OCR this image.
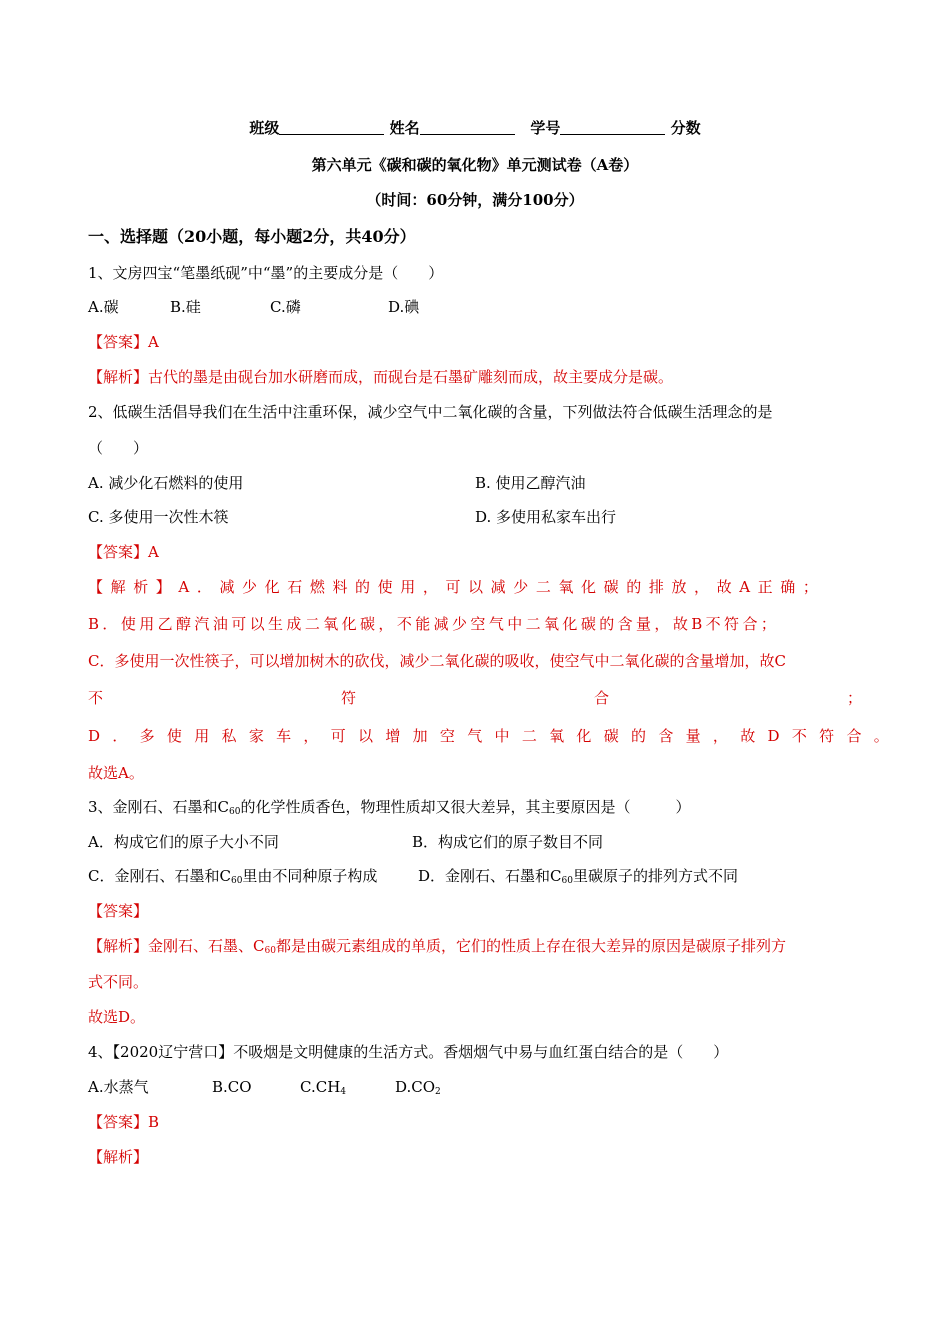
班级	姓名	学号	分数
第六单元《碳和碳的氧化物》单元测试卷（A卷）
（时间：60分钟，满分100分）
一、选择题（20小题，每小题2分，共40分）
1、文房四宝“笔墨纸砚”中“墨”的主要成分是（　　）
A.碳	B.硅	C.磷	D.碘
【答案】A
【解析】古代的墨是由砚台加水研磨而成，而砚台是石墨矿雕刻而成，故主要成分是碳。
2、低碳生活倡导我们在生活中注重环保，减少空气中二氧化碳的含量，下列做法符合低碳生活理念的是
（　　）
A. 减少化石燃料的使用	B. 使用乙醇汽油
C. 多使用一次性木筷	D. 多使用私家车出行
【答案】A
【解析】A．减少化石燃料的使用，可以减少二氧化碳的排放，故A正确；
B．使用乙醇汽油可以生成二氧化碳，不能减少空气中二氧化碳的含量，故B不符合；
C．多使用一次性筷子，可以增加树木的砍伐，减少二氧化碳的吸收，使空气中二氧化碳的含量增加，故C
不	符	合	；
D．多使用私家车，可以增加空气中二氧化碳的含量，故D不符合。
故选A。
3、金刚石、石墨和$C_{60}$的化学性质香色，物理性质却又很大差异，其主要原因是（　　　）
A．构成它们的原子大小不同	B．构成它们的原子数目不同
C．金刚石、石墨和$C_{60}$里由不同种原子构成	D．金刚石、石墨和$C_{60}$里碳原子的排列方式不同
【答案】
【解析】金刚石、石墨、$C_{60}$都是由碳元素组成的单质，它们的性质上存在很大差异的原因是碳原子排列方
式不同。
故选D。
4、【2020辽宁营口】不吸烟是文明健康的生活方式。香烟烟气中易与血红蛋白结合的是（　　）
A.水蒸气	B.CO	$C.CH_4$	$D.CO_2$
【答案】B
【解析】
